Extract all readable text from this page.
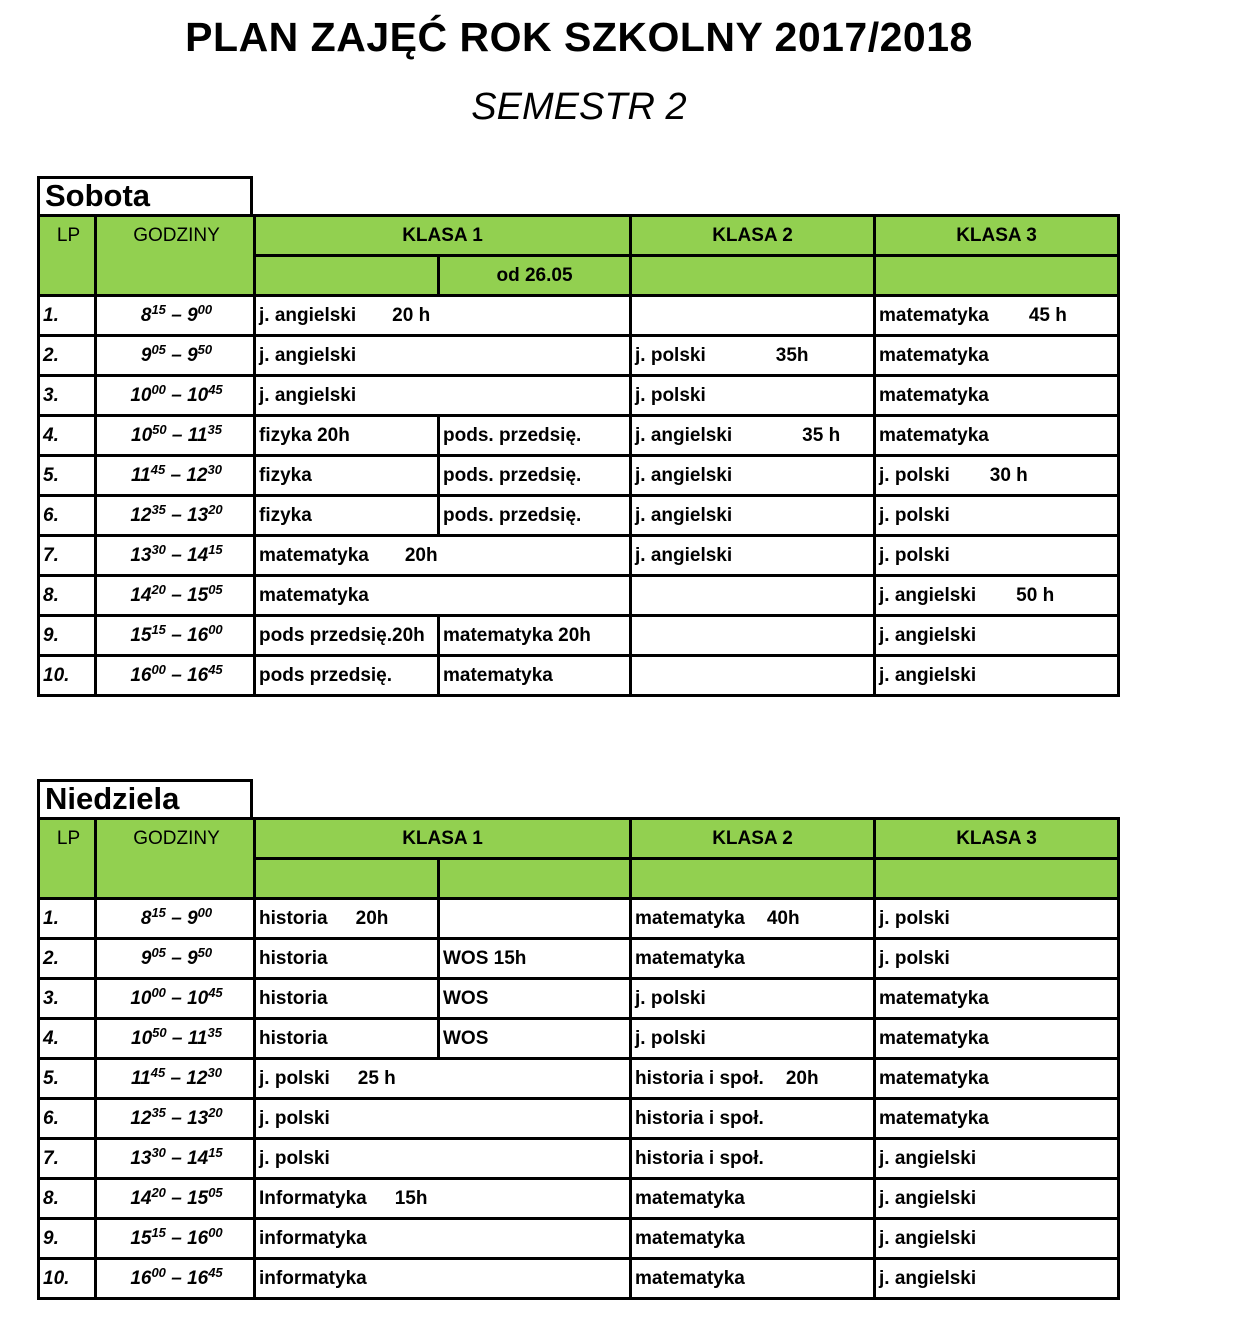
PLAN ZAJĘĆ ROK SZKOLNY 2017/2018
SEMESTR 2
Sobota
LP	GODZINY	KLASA 1		KLASA 2	KLASA 3
			od 26.05		
1.	$8^{15} - 9^{00}$	j. angielski 20 h			matematyka 45 h
2.	$9^{05} - 9^{50}$	j. angielski		j. polski 35h	matematyka
3.	$10^{00} - 10^{45}$	j. angielski		j. polski	matematyka
4.	$10^{50} - 11^{35}$	fizyka 20h	pods. przedsię.	j. angielski 35 h	matematyka
5.	$11^{45} - 12^{30}$	fizyka	pods. przedsię.	j. angielski	j. polski 30 h
6.	$12^{35} - 13^{20}$	fizyka	pods. przedsię.	j. angielski	j. polski
7.	$13^{30} - 14^{15}$	matematyka 20h		j. angielski	j. polski
8.	$14^{20} - 15^{05}$	matematyka			j. angielski 50 h
9.	$15^{15} - 16^{00}$	pods przedsię.20h	matematyka 20h		j. angielski
10.	$16^{00} - 16^{45}$	pods przedsię.	matematyka		j. angielski
Niedziela
LP	GODZINY	KLASA 1		KLASA 2	KLASA 3

1.	$8^{15} - 9^{00}$	historia 20h		matematyka 40h	j. polski
2.	$9^{05} - 9^{50}$	historia	WOS 15h	matematyka	j. polski
3.	$10^{00} - 10^{45}$	historia	WOS	j. polski	matematyka
4.	$10^{50} - 11^{35}$	historia	WOS	j. polski	matematyka
5.	$11^{45} - 12^{30}$	j. polski 25 h		historia i społ. 20h	matematyka
6.	$12^{35} - 13^{20}$	j. polski		historia i społ.	matematyka
7.	$13^{30} - 14^{15}$	j. polski		historia i społ.	j. angielski
8.	$14^{20} - 15^{05}$	Informatyka 15h		matematyka	j. angielski
9.	$15^{15} - 16^{00}$	informatyka		matematyka	j. angielski
10.	$16^{00} - 16^{45}$	informatyka		matematyka	j. angielski
